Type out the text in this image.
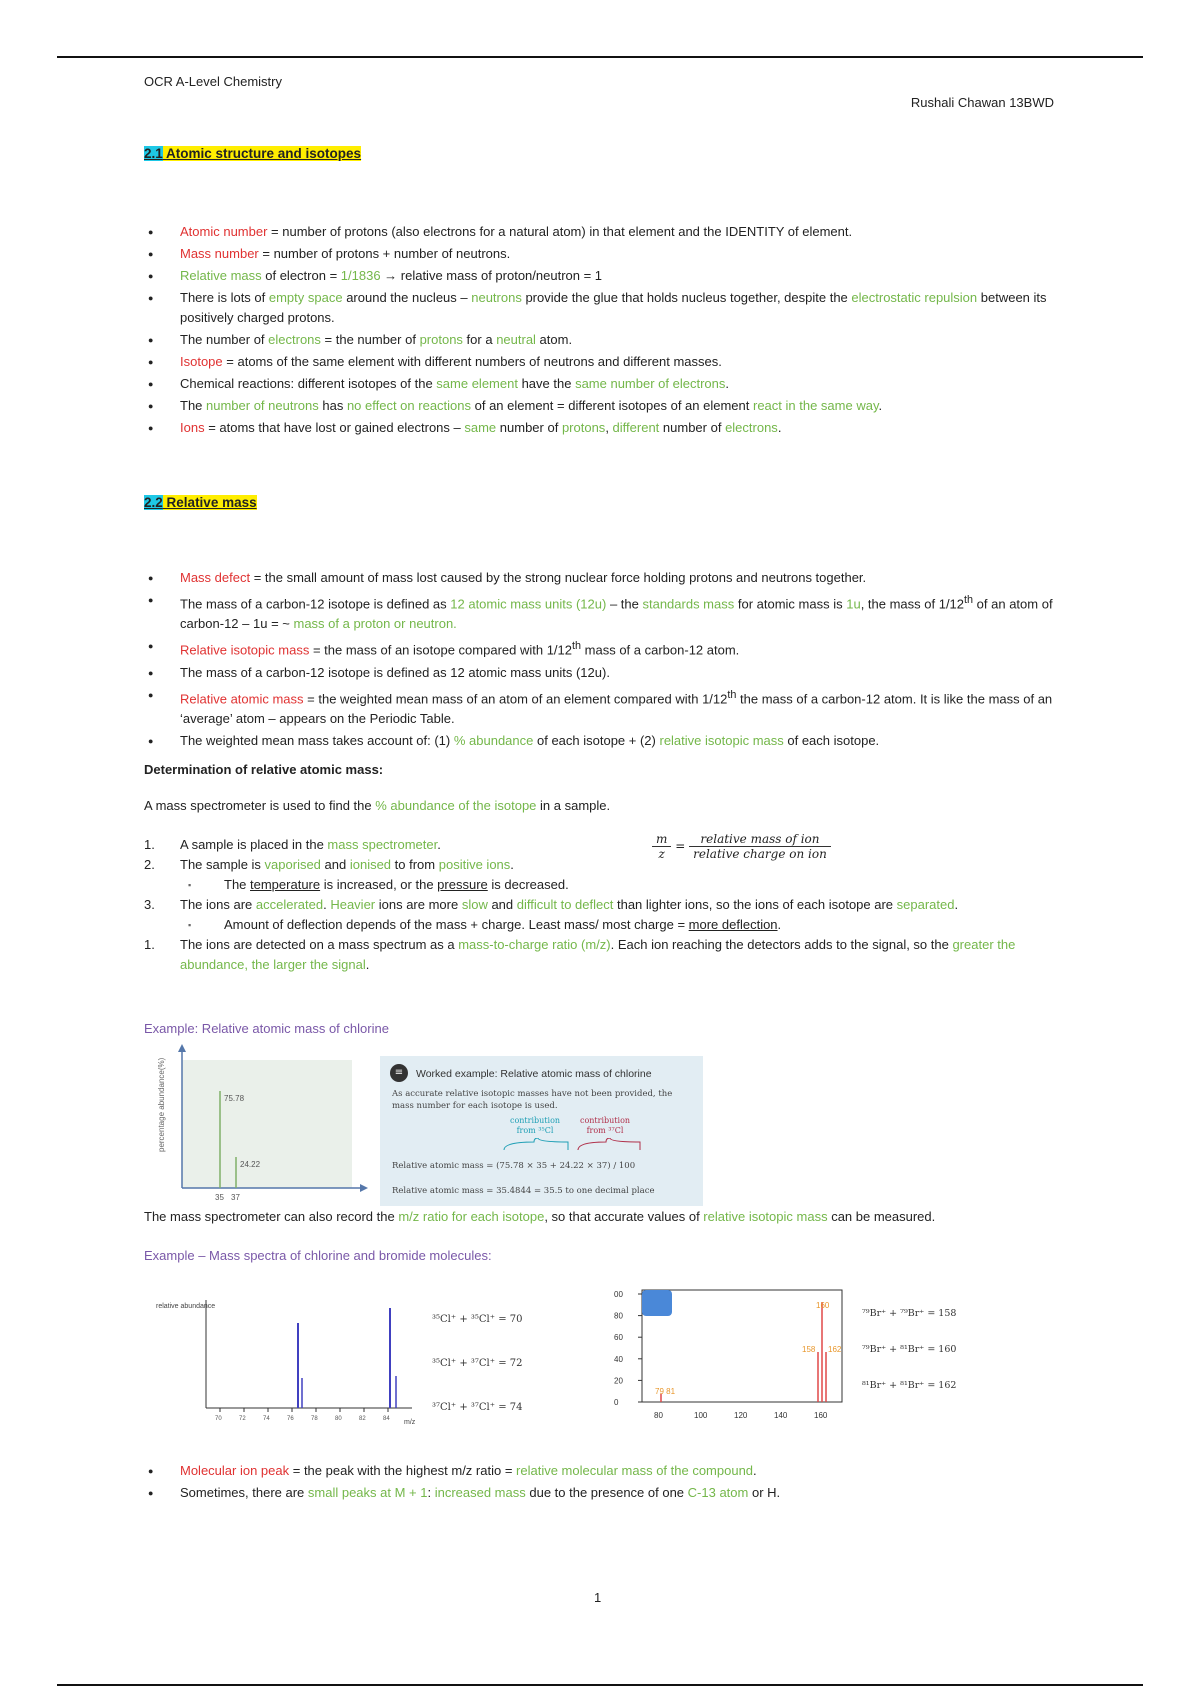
OCR A-Level Chemistry
Rushali Chawan 13BWD
2.1 Atomic structure and isotopes
● Atomic number = number of protons (also electrons for a natural atom) in that element and the IDENTITY of element.
● Mass number = number of protons + number of neutrons.
● Relative mass of electron = 1/1836 → relative mass of proton/neutron = 1
● There is lots of empty space around the nucleus – neutrons provide the glue that holds nucleus together, despite the electrostatic repulsion between its positively charged protons.
● The number of electrons = the number of protons for a neutral atom.
● Isotope = atoms of the same element with different numbers of neutrons and different masses.
● Chemical reactions: different isotopes of the same element have the same number of electrons.
● The number of neutrons has no effect on reactions of an element = different isotopes of an element react in the same way.
● Ions = atoms that have lost or gained electrons – same number of protons, different number of electrons.
2.2 Relative mass
● Mass defect = the small amount of mass lost caused by the strong nuclear force holding protons and neutrons together.
● The mass of a carbon-12 isotope is defined as 12 atomic mass units (12u) – the standards mass for atomic mass is 1u, the mass of 1/12th of an atom of carbon-12 – 1u = ~ mass of a proton or neutron.
● Relative isotopic mass = the mass of an isotope compared with 1/12th mass of a carbon-12 atom.
● The mass of a carbon-12 isotope is defined as 12 atomic mass units (12u).
● Relative atomic mass = the weighted mean mass of an atom of an element compared with 1/12th the mass of a carbon-12 atom. It is like the mass of an ‘average’ atom – appears on the Periodic Table.
● The weighted mean mass takes account of: (1) % abundance of each isotope + (2) relative isotopic mass of each isotope.
Determination of relative atomic mass:
A mass spectrometer is used to find the % abundance of the isotope in a sample.
1. A sample is placed in the mass spectrometer.
2. The sample is vaporised and ionised to from positive ions.
▪ The temperature is increased, or the pressure is decreased.
3. The ions are accelerated. Heavier ions are more slow and difficult to deflect than lighter ions, so the ions of each isotope are separated.
▪ Amount of deflection depends of the mass + charge. Least mass/ most charge = more deflection.
1. The ions are detected on a mass spectrum as a mass-to-charge ratio (m/z). Each ion reaching the detectors adds to the signal, so the greater the abundance, the larger the signal.
$\frac{m}{z} = \frac{\text{relative mass of ion}}{\text{relative charge on ion}}$
Example: Relative atomic mass of chlorine
percentage abundance(%)	75.78
35
24.22
37
≡	Worked example: Relative atomic mass of chlorine
As accurate relative isotopic masses have not been provided, the mass number for each isotope is used.
contribution from ³⁵Cl
contribution from ³⁷Cl
Relative atomic mass = (75.78 × 35 + 24.22 × 37) / 100
Relative atomic mass = 35.4844 = 35.5 to one decimal place
The mass spectrometer can also record the m/z ratio for each isotope, so that accurate values of relative isotopic mass can be measured.
Example – Mass spectra of chlorine and bromide molecules:
relative abundance
70	72	74	76	78	80	82	84 m/z
³⁵Cl⁺ + ³⁵Cl⁺ = 70
³⁵Cl⁺ + ³⁷Cl⁺ = 72
³⁷Cl⁺ + ³⁷Cl⁺ = 74
00
80
60
40
20
0
80	100	120	140	160
79 81
158
160
162
⁷⁹Br⁺ + ⁷⁹Br⁺ = 158
⁷⁹Br⁺ + ⁸¹Br⁺ = 160
⁸¹Br⁺ + ⁸¹Br⁺ = 162
● Molecular ion peak = the peak with the highest m/z ratio = relative molecular mass of the compound.
● Sometimes, there are small peaks at M + 1: increased mass due to the presence of one C-13 atom or H.
1
